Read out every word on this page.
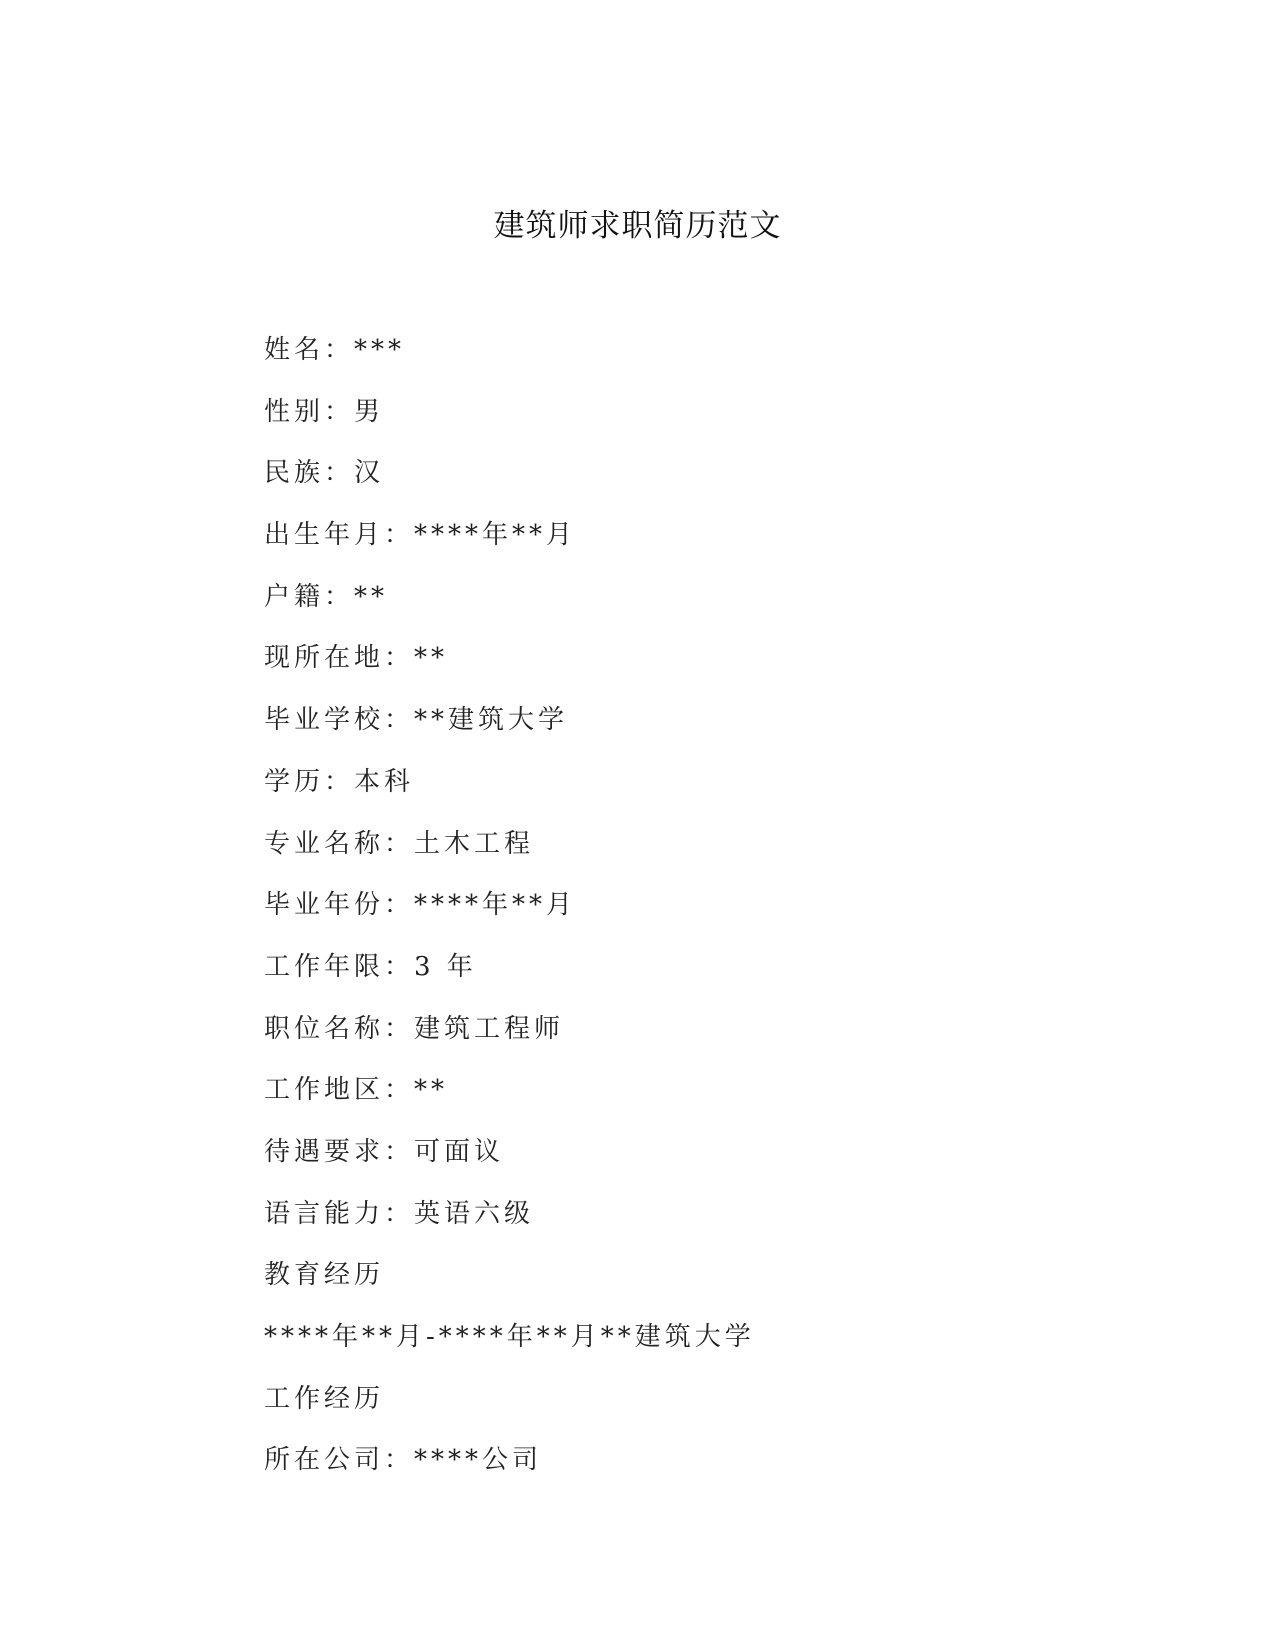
建筑师求职简历范文
姓名：***
性别：男
民族：汉
出生年月：****年**月
户籍：**
现所在地：**
毕业学校：**建筑大学
学历：本科
专业名称：土木工程
毕业年份：****年**月
工作年限：3 年
职位名称：建筑工程师
工作地区：**
待遇要求：可面议
语言能力：英语六级
教育经历
****年**月-****年**月**建筑大学
工作经历
所在公司：****公司
